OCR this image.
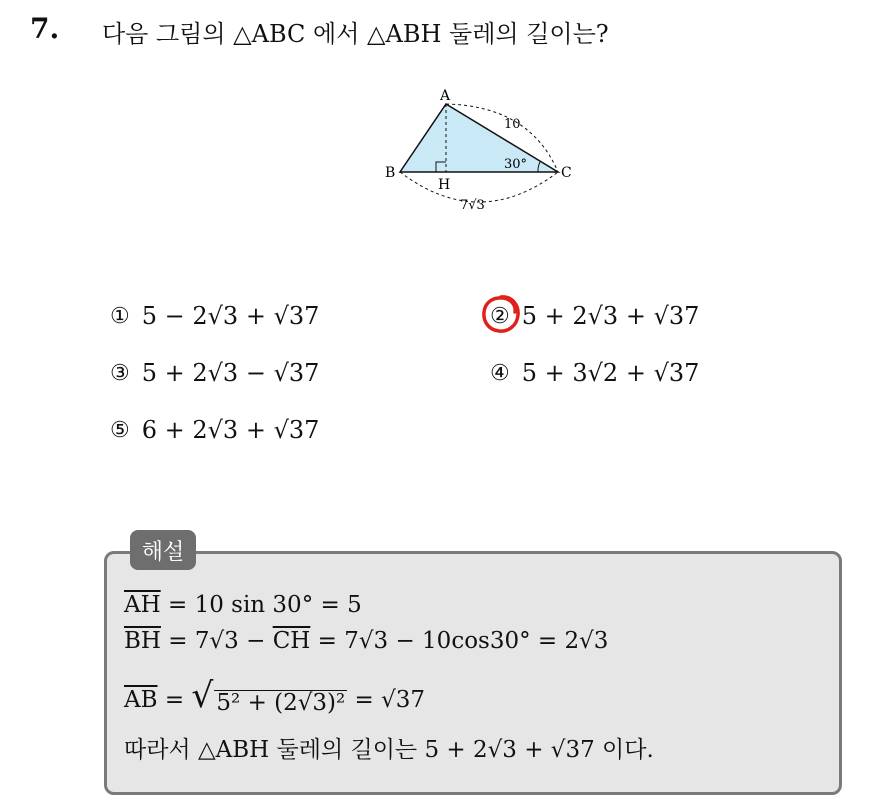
7. 다음 그림의 △ABC 에서 △ABH 둘레의 길이는?
A
B	C
H
10
30°
7√3
① 5 − 2√3 + √37	② 5 + 2√3 + √37
③ 5 + 2√3 − √37	④ 5 + 3√2 + √37
⑤ 6 + 2√3 + √37
해설
$\overline{AH} = 10$ sin 30° = 5
$\overline{BH} = 7√3 - \overline{CH} = 7√3 - 10\cos 30^\circ = 2√3$
$\overline{AB}$ = √ 5² + (2√3)² = √37
따라서 △ABH 둘레의 길이는 5 + 2√3 + √37 이다.
